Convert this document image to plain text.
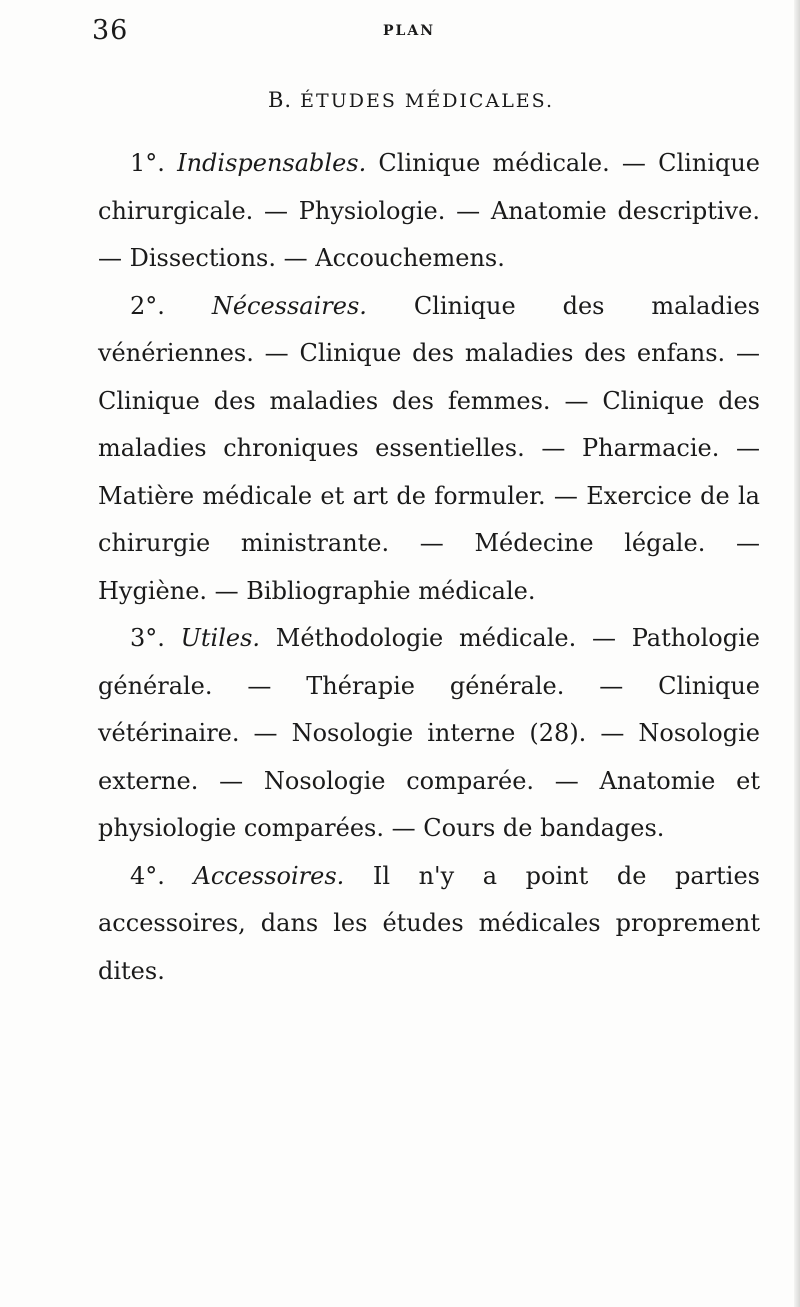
36	PLAN
B. ÉTUDES MÉDICALES.

1°. Indispensables. Clinique médicale. — Clinique chirurgicale. — Physiologie. — Anatomie descriptive. — Dissections. — Accouchemens.

2°. Nécessaires. Clinique des maladies vénériennes. — Clinique des maladies des enfans. — Clinique des maladies des femmes. — Clinique des maladies chroniques essentielles. — Pharmacie. — Matière médicale et art de formuler. — Exercice de la chirurgie ministrante. — Médecine légale. — Hygiène. — Bibliographie médicale.

3°. Utiles. Méthodologie médicale. — Pathologie générale. — Thérapie générale. — Clinique vétérinaire. — Nosologie interne (28). — Nosologie externe. — Nosologie comparée. — Anatomie et physiologie comparées. — Cours de bandages.

4°. Accessoires. Il n'y a point de parties accessoires, dans les études médicales proprement dites.
